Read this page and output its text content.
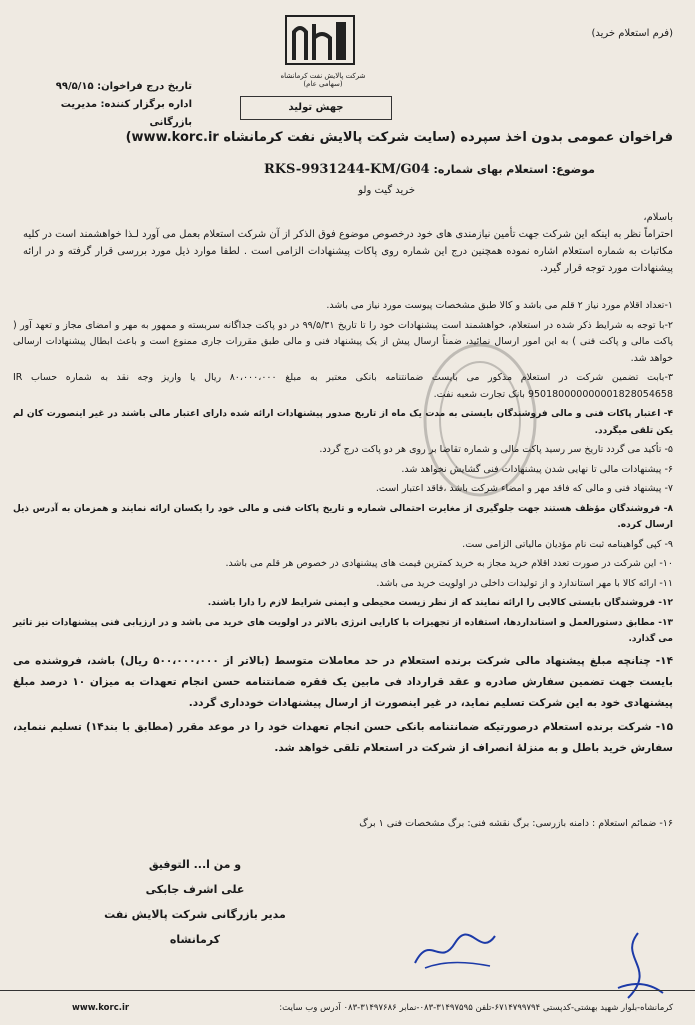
(فرم استعلام خرید)
شرکت پالایش نفت کرمانشاه (سهامی عام)
جهش تولید
تاریخ درج فراخوان: ۹۹/۵/۱۵
اداره برگزار کننده: مدیریت بازرگانی
فراخوان عمومی بدون اخذ سپرده (سایت شرکت پالایش نفت کرمانشاه www.korc.ir)
موضوع: استعلام بهای شماره: RKS-9931244-KM/G04
خرید گیت ولو
باسلام،
احتراماً نظر به اینکه این شرکت جهت تأمین نیازمندی های خود درخصوص موضوع فوق الذکر از آن شرکت استعلام بعمل می آورد لـذا خواهشمند است در کلیه مکاتبات به شماره استعلام اشاره نموده همچنین درج این شماره روی پاکات پیشنهادات الزامی است . لطفا موارد ذیل مورد بررسی قرار گرفته و در ارائه پیشنهادات مورد توجه قرار گیرد.

۱-تعداد اقلام مورد نیاز ۲ قلم می باشد و کالا طبق مشخصات پیوست مورد نیاز می باشد.

۲-با توجه به شرایط ذکر شده در استعلام، خواهشمند است پیشنهادات خود را تا تاریخ ۹۹/۵/۳۱ در دو پاکت جداگانه سربسته و ممهور به مهر و امضای مجاز و تعهد آور ( پاکت مالی و پاکت فنی ) به این امور ارسال نمائید، ضمناً ارسال پیش از یک پیشنهاد فنی و مالی طبق مقررات جاری ممنوع است و باعث ابطال پیشنهادات ارسالی خواهد شد.

۳-بابت تضمین شرکت در استعلام مذکور می بایست ضمانتنامه بانکی معتبر به مبلغ ۸۰،۰۰۰،۰۰۰ ریال یا واریز وجه نقد به شماره حساب IR 950180000000001828054658 بانک تجارت شعبه نفت.

۴- اعتبار پاکات فنی و مالی فروشندگان بایستی به مدت یک ماه از تاریخ صدور پیشنهادات ارائه شده دارای اعتبار مالی باشند در غیر اینصورت کان لم یکن تلقی میگردد.

۵- تأکید می گردد تاریخ سر رسید پاکت مالی و شماره تقاضا بر روی هر دو پاکت درج گردد.

۶- پیشنهادات مالی تا نهایی شدن پیشنهادات فنی گشایش نخواهد شد.

۷- پیشنهاد فنی و مالی که فاقد مهر و امضاء شرکت باشد ،فاقد اعتبار است.

۸- فروشندگان مؤظف هستند جهت جلوگیری از مغایرت احتمالی شماره و تاریخ پاکات فنی و مالی خود را یکسان ارائه نمایند و همزمان به آدرس ذیل ارسال کرده.

۹- کپی گواهینامه ثبت نام مؤدیان مالیاتی الزامی ست.

۱۰- این شرکت در صورت تعدد اقلام خرید مجاز به خرید کمترین قیمت های پیشنهادی در خصوص هر قلم می باشد.

۱۱- ارائه کالا با مهر استاندارد و از تولیدات داخلی در اولویت خرید می باشد.

۱۲- فروشندگان بایستی کالایی را ارائه نمایند که از نظر زیست محیطی و ایمنی شرایط لازم را دارا باشند.

۱۳- مطابق دستورالعمل و استانداردها، استفاده از تجهیزات با کارایی انرژی بالاتر در اولویت های خرید می باشد و در ارزیابی فنی پیشنهادات نیز تاثیر می گذارد.

۱۴- چنانچه مبلغ پیشنهاد مالی شرکت برنده استعلام در حد معاملات متوسط (بالاتر از ۵۰۰،۰۰۰،۰۰۰ ریال) باشد، فروشنده می بایست جهت تضمین سفارش صادره و عقد قرارداد فی مابین یک فقره ضمانتنامه حسن انجام تعهدات به میزان ۱۰ درصد مبلغ پیشنهادی خود به این شرکت تسلیم نماید، در غیر اینصورت از ارسال پیشنهادات خودداری گردد.

۱۵- شرکت برنده استعلام درصورتیکه ضمانتنامه بانکی حسن انجام تعهدات خود را در موعد مقرر (مطابق با بند۱۴) تسلیم ننماید، سفارش خرید باطل و به منزلۀ انصراف از شرکت در استعلام تلقی خواهد شد.

۱۶- ضمائم استعلام : دامنه بازرسی: برگ نقشه فنی: برگ مشخصات فنی ۱ برگ
و من ا... التوفیق
علی اشرف جابکی
مدیر بازرگانی شرکت پالایش نفت کرمانشاه
کرمانشاه-بلوار شهید بهشتی-کدپستی ۶۷۱۴۷۹۹۷۹۴-تلفن ۳۱۴۹۷۵۹۵-۰۸۳-نمابر ۳۱۴۹۷۶۸۶-۰۸۳ آدرس وب سایت:
www.korc.ir
